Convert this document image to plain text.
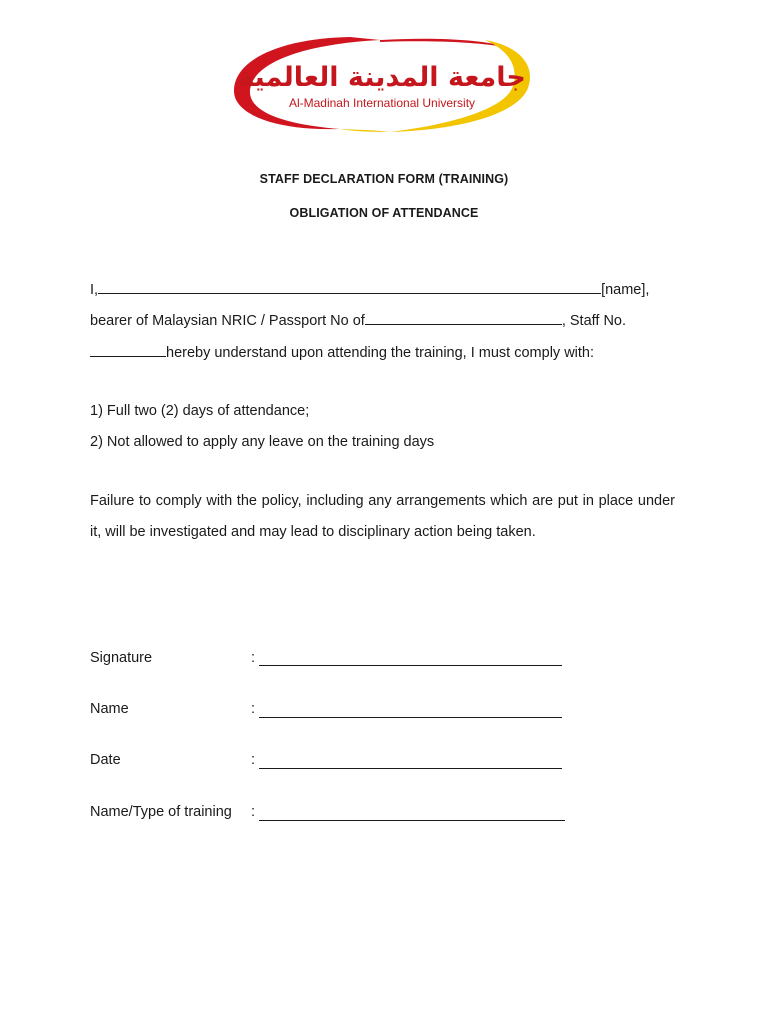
جامعة المدينة العالمية
Al-Madinah International University
STAFF DECLARATION FORM (TRAINING)
OBLIGATION OF ATTENDANCE
I,	[name],
bearer of Malaysian NRIC / Passport No of	, Staff No.
hereby understand upon attending the training, I must comply with:
1) Full two (2) days of attendance;
2) Not allowed to apply any leave on the training days
Failure to comply with the policy, including any arrangements which are put in place under it, will be investigated and may lead to disciplinary action being taken.
Signature	:
Name	:
Date	:
Name/Type of training :
